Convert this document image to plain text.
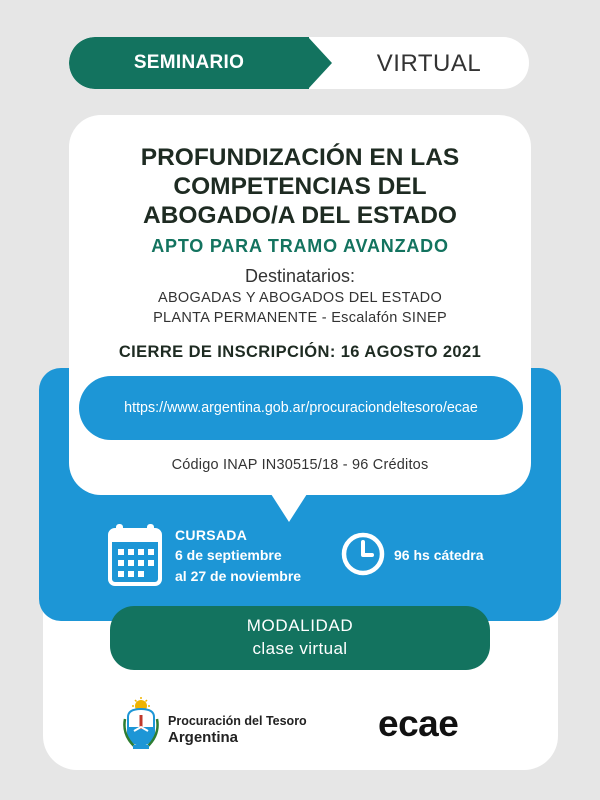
SEMINARIO	VIRTUAL
PROFUNDIZACIÓN EN LAS
COMPETENCIAS DEL
ABOGADO/A DEL ESTADO
APTO PARA TRAMO AVANZADO
Destinatarios:
ABOGADAS Y ABOGADOS DEL ESTADO
PLANTA PERMANENTE - Escalafón SINEP
CIERRE DE INSCRIPCIÓN: 16 AGOSTO 2021
https://www.argentina.gob.ar/procuraciondeltesoro/ecae
Código INAP IN30515/18 - 96 Créditos
CURSADA
6 de septiembre
al 27 de noviembre
96 hs cátedra
MODALIDAD
clase virtual
Procuración del Tesoro
Argentina	ecae
